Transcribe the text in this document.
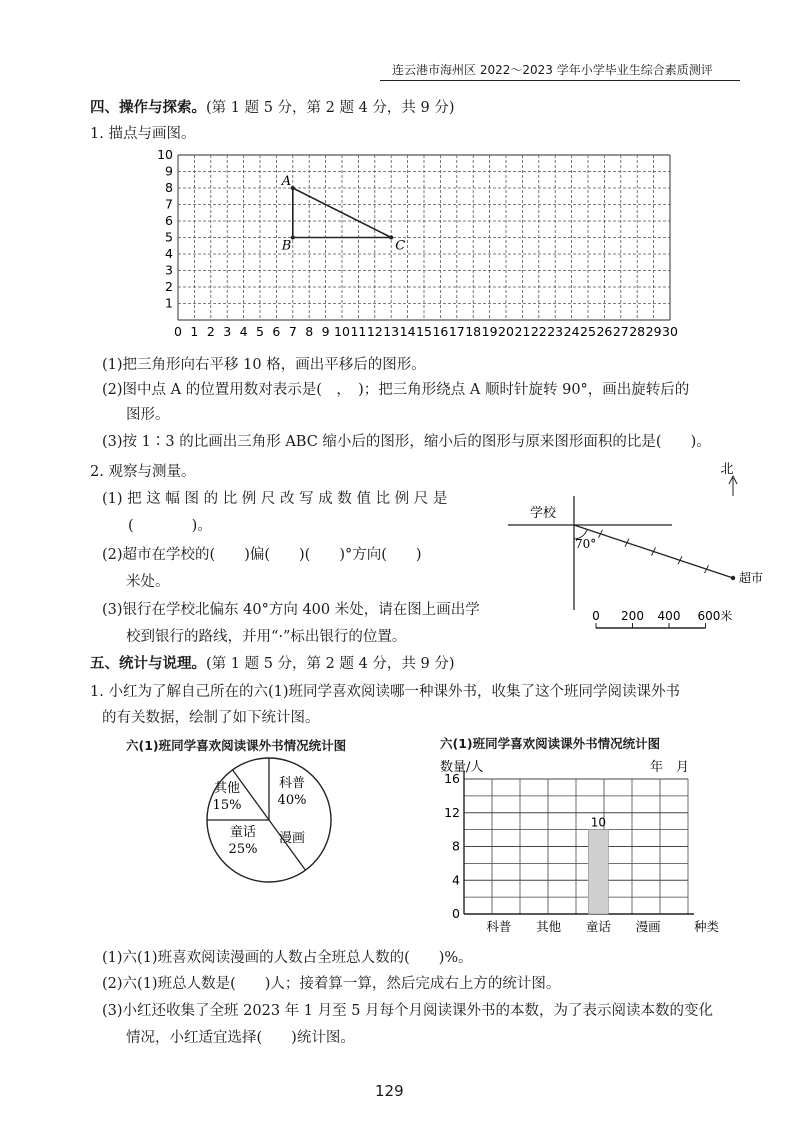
连云港市海州区 2022～2023 学年小学毕业生综合素质测评
四、操作与探索。(第 1 题 5 分，第 2 题 4 分，共 9 分)
1. 描点与画图。
0 1 2 3 4 5 6 7 8 9 10 11 12 13 14 15 16 17 18 19 20 21 22 23 24 25 26 27 28 29 30
1
2
3
4
5
6
7
8
9
10
A
B	C
学校
70°
超市
北
0 200 400 600米
科普
40%
漫画
童话
25%
其他
15%
0
4
8
12
16
科普 其他 童话
10
漫画	种类
数量/人	年　月
(1)把三角形向右平移 10 格，画出平移后的图形。
(2)图中点 A 的位置用数对表示是(　，　)；把三角形绕点 A 顺时针旋转 90°，画出旋转后的
图形。
(3)按 1∶3 的比画出三角形 ABC 缩小后的图形，缩小后的图形与原来图形面积的比是(　　)。
2. 观察与测量。
(1) 把 这 幅 图 的 比 例 尺 改 写 成 数 值 比 例 尺 是
(　　　　)。
(2)超市在学校的(　　)偏(　　)(　　)°方向(　　)
米处。
(3)银行在学校北偏东 40°方向 400 米处，请在图上画出学
校到银行的路线，并用“·”标出银行的位置。
五、统计与说理。(第 1 题 5 分，第 2 题 4 分，共 9 分)
1. 小红为了解自己所在的六(1)班同学喜欢阅读哪一种课外书，收集了这个班同学阅读课外书
的有关数据，绘制了如下统计图。
六(1)班同学喜欢阅读课外书情况统计图	六(1)班同学喜欢阅读课外书情况统计图
(1)六(1)班喜欢阅读漫画的人数占全班总人数的(　　)%。
(2)六(1)班总人数是(　　)人；接着算一算，然后完成右上方的统计图。
(3)小红还收集了全班 2023 年 1 月至 5 月每个月阅读课外书的本数，为了表示阅读本数的变化
情况，小红适宜选择(　　)统计图。
129
